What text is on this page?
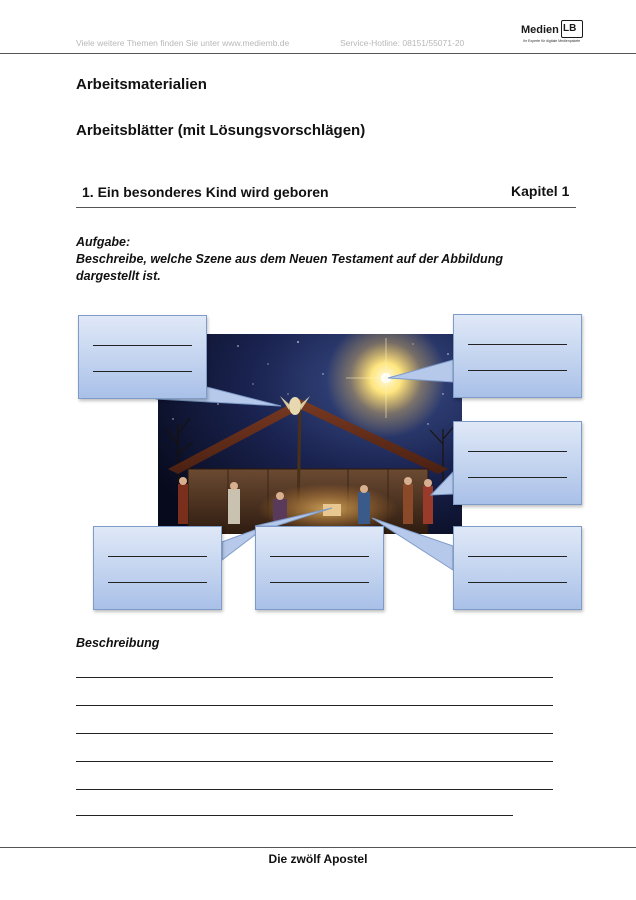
Viele weitere Themen finden Sie unter www.mediemb.de	Service-Hotline: 08151/55071-20
Medien LB
Ihr Experte für digitale Medienpakete
Arbeitsmaterialien
Arbeitsblätter (mit Lösungsvorschlägen)
1. Ein besonderes Kind wird geboren	Kapitel 1
Aufgabe:
Beschreibe, welche Szene aus dem Neuen Testament auf der Abbildung dargestellt ist.
Beschreibung
Die zwölf Apostel
